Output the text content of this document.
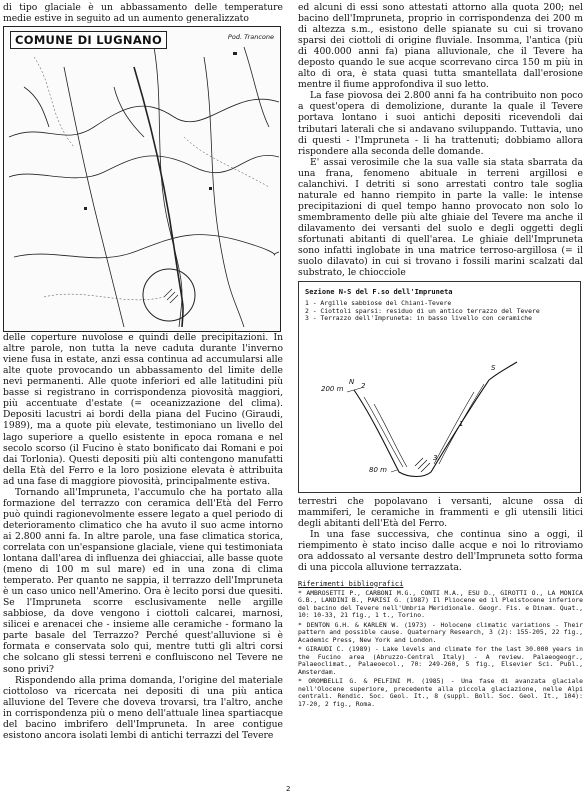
di tipo glaciale è un abbassamento delle temperature medie estive in seguito ad un aumento generalizzato

COMUNE DI LUGNANO	Pod. Trancone

delle coperture nuvolose e quindi delle precipitazioni. In altre parole, non tutta la neve caduta durante l'inverno viene fusa in estate, anzi essa continua ad accumularsi alle alte quote provocando un abbassamento del limite delle nevi permanenti. Alle quote inferiori ed alle latitudini più basse si registrano in corrispondenza piovosità maggiori, più accentuate d'estate (= oceanizzazione del clima). Depositi lacustri ai bordi della piana del Fucino (Giraudi, 1989), ma a quote più elevate, testimoniano un livello del lago superiore a quello esistente in epoca romana e nel secolo scorso (il Fucino è stato bonificato dai Romani e poi dai Torlonia). Questi depositi più alti contengono manufatti della Età del Ferro e la loro posizione elevata è attribuita ad una fase di maggiore piovosità, principalmente estiva.

Tornando all'Impruneta, l'accumulo che ha portato alla formazione del terrazzo con ceramica dell'Età del Ferro può quindi ragionevolmente essere legato a quel periodo di deterioramento climatico che ha avuto il suo acme intorno ai 2.800 anni fa. In altre parole, una fase climatica storica, correlata con un'espansione glaciale, viene qui testimoniata lontana dall'area di influenza dei ghiacciai, alle basse quote (meno di 100 m sul mare) ed in una zona di clima temperato. Per quanto ne sappia, il terrazzo dell'Impruneta è un caso unico nell'Amerino. Ora è lecito porsi due quesiti. Se l'Impruneta scorre esclusivamente nelle argille sabbiose, da dove vengono i ciottoli calcarei, marnosi, silicei e arenacei che - insieme alle ceramiche - formano la parte basale del Terrazzo? Perché quest'alluvione si è formata e conservata solo qui, mentre tutti gli altri corsi che solcano gli stessi terreni e confluiscono nel Tevere ne sono privi?

Rispondendo alla prima domanda, l'origine del materiale ciottoloso va ricercata nei depositi di una più antica alluvione del Tevere che doveva trovarsi, tra l'altro, anche in corrispondenza più o meno dell'attuale linea spartiacque del bacino imbrifero dell'Impruneta. In aree contigue esistono ancora isolati lembi di antichi terrazzi del Tevere

ed alcuni di essi sono attestati attorno alla quota 200; nel bacino dell'Impruneta, proprio in corrispondenza dei 200 m di altezza s.m., esistono delle spianate su cui si trovano sparsi dei ciottoli di origine fluviale. Insomma, l'antica (più di 400.000 anni fa) piana alluvionale, che il Tevere ha deposto quando le sue acque scorrevano circa 150 m più in alto di ora, è stata quasi tutta smantellata dall'erosione mentre il fiume approfondiva il suo letto.

La fase piovosa dei 2.800 anni fa ha contribuito non poco a quest'opera di demolizione, durante la quale il Tevere portava lontano i suoi antichi depositi ricevendoli dai tributari laterali che si andavano sviluppando. Tuttavia, uno di questi - l'Impruneta - li ha trattenuti; dobbiamo allora rispondere alla seconda delle domande.

E' assai verosimile che la sua valle sia stata sbarrata da una frana, fenomeno abituale in terreni argillosi e calanchivi. I detriti si sono arrestati contro tale soglia naturale ed hanno riempito in parte la valle: le intense precipitazioni di quel tempo hanno provocato non solo lo smembramento delle più alte ghiaie del Tevere ma anche il dilavamento dei versanti del suolo e degli oggetti degli sfortunati abitanti di quell'area. Le ghiaie dell'Impruneta sono infatti inglobate in una matrice terroso-argillosa (= il suolo dilavato) in cui si trovano i fossili marini scalzati dal substrato, le chiocciole

Sezione N-S del F.so dell'Impruneta
1 - Argille sabbiose del Chiani-Tevere
2 - Ciottoli sparsi: residuo di un antico terrazzo del Tevere
3 - Terrazzo dell'Impruneta: in basso livello con ceramiche
N
S
200 m
80 m
2
3
1

terrestri che popolavano i versanti, alcune ossa di mammiferi, le ceramiche in frammenti e gli utensili litici degli abitanti dell'Età del Ferro.

In una fase successiva, che continua sino a oggi, il riempimento è stato inciso dalle acque e noi lo ritroviamo ora addossato al versante destro dell'Impruneta sotto forma di una piccola alluvione terrazzata.

Riferimenti bibliografici

* AMBROSETTI P., CARBONI M.G., CONTI M.A., ESU D., GIROTTI O., LA MONICA G.B., LANDINI B., PARISI G. (1987) Il Pliocene ed il Pleistocene inferiore del bacino del Tevere nell'Umbria Meridionale. Geogr. Fis. e Dinam. Quat., 10: 10-33, 21 fig., 1 t., Torino.

* DENTON G.H. & KARLEN W. (1973) - Holocene climatic variations - Their pattern and possible cause. Quaternary Research, 3 (2): 155-205, 22 fig., Academic Press, New York and London.

* GIRAUDI C. (1989) - Lake levels and climate for the last 30.000 years in the Fucino area (Abruzzo-Central Italy) - A review. Palaeogeogr., Palaeoclimat., Palaeoecol., 70: 249-260, 5 fig., Elsevier Sci. Publ., Amsterdam.

* OROMBELLI G. & PELFINI M. (1985) - Una fase di avanzata glaciale nell'Olocene superiore, precedente alla piccola glaciazione, nelle Alpi centrali. Rendic. Soc. Geol. It., 8 (suppl. Boll. Soc. Geol. It., 104): 17-20, 2 fig., Roma.

2
